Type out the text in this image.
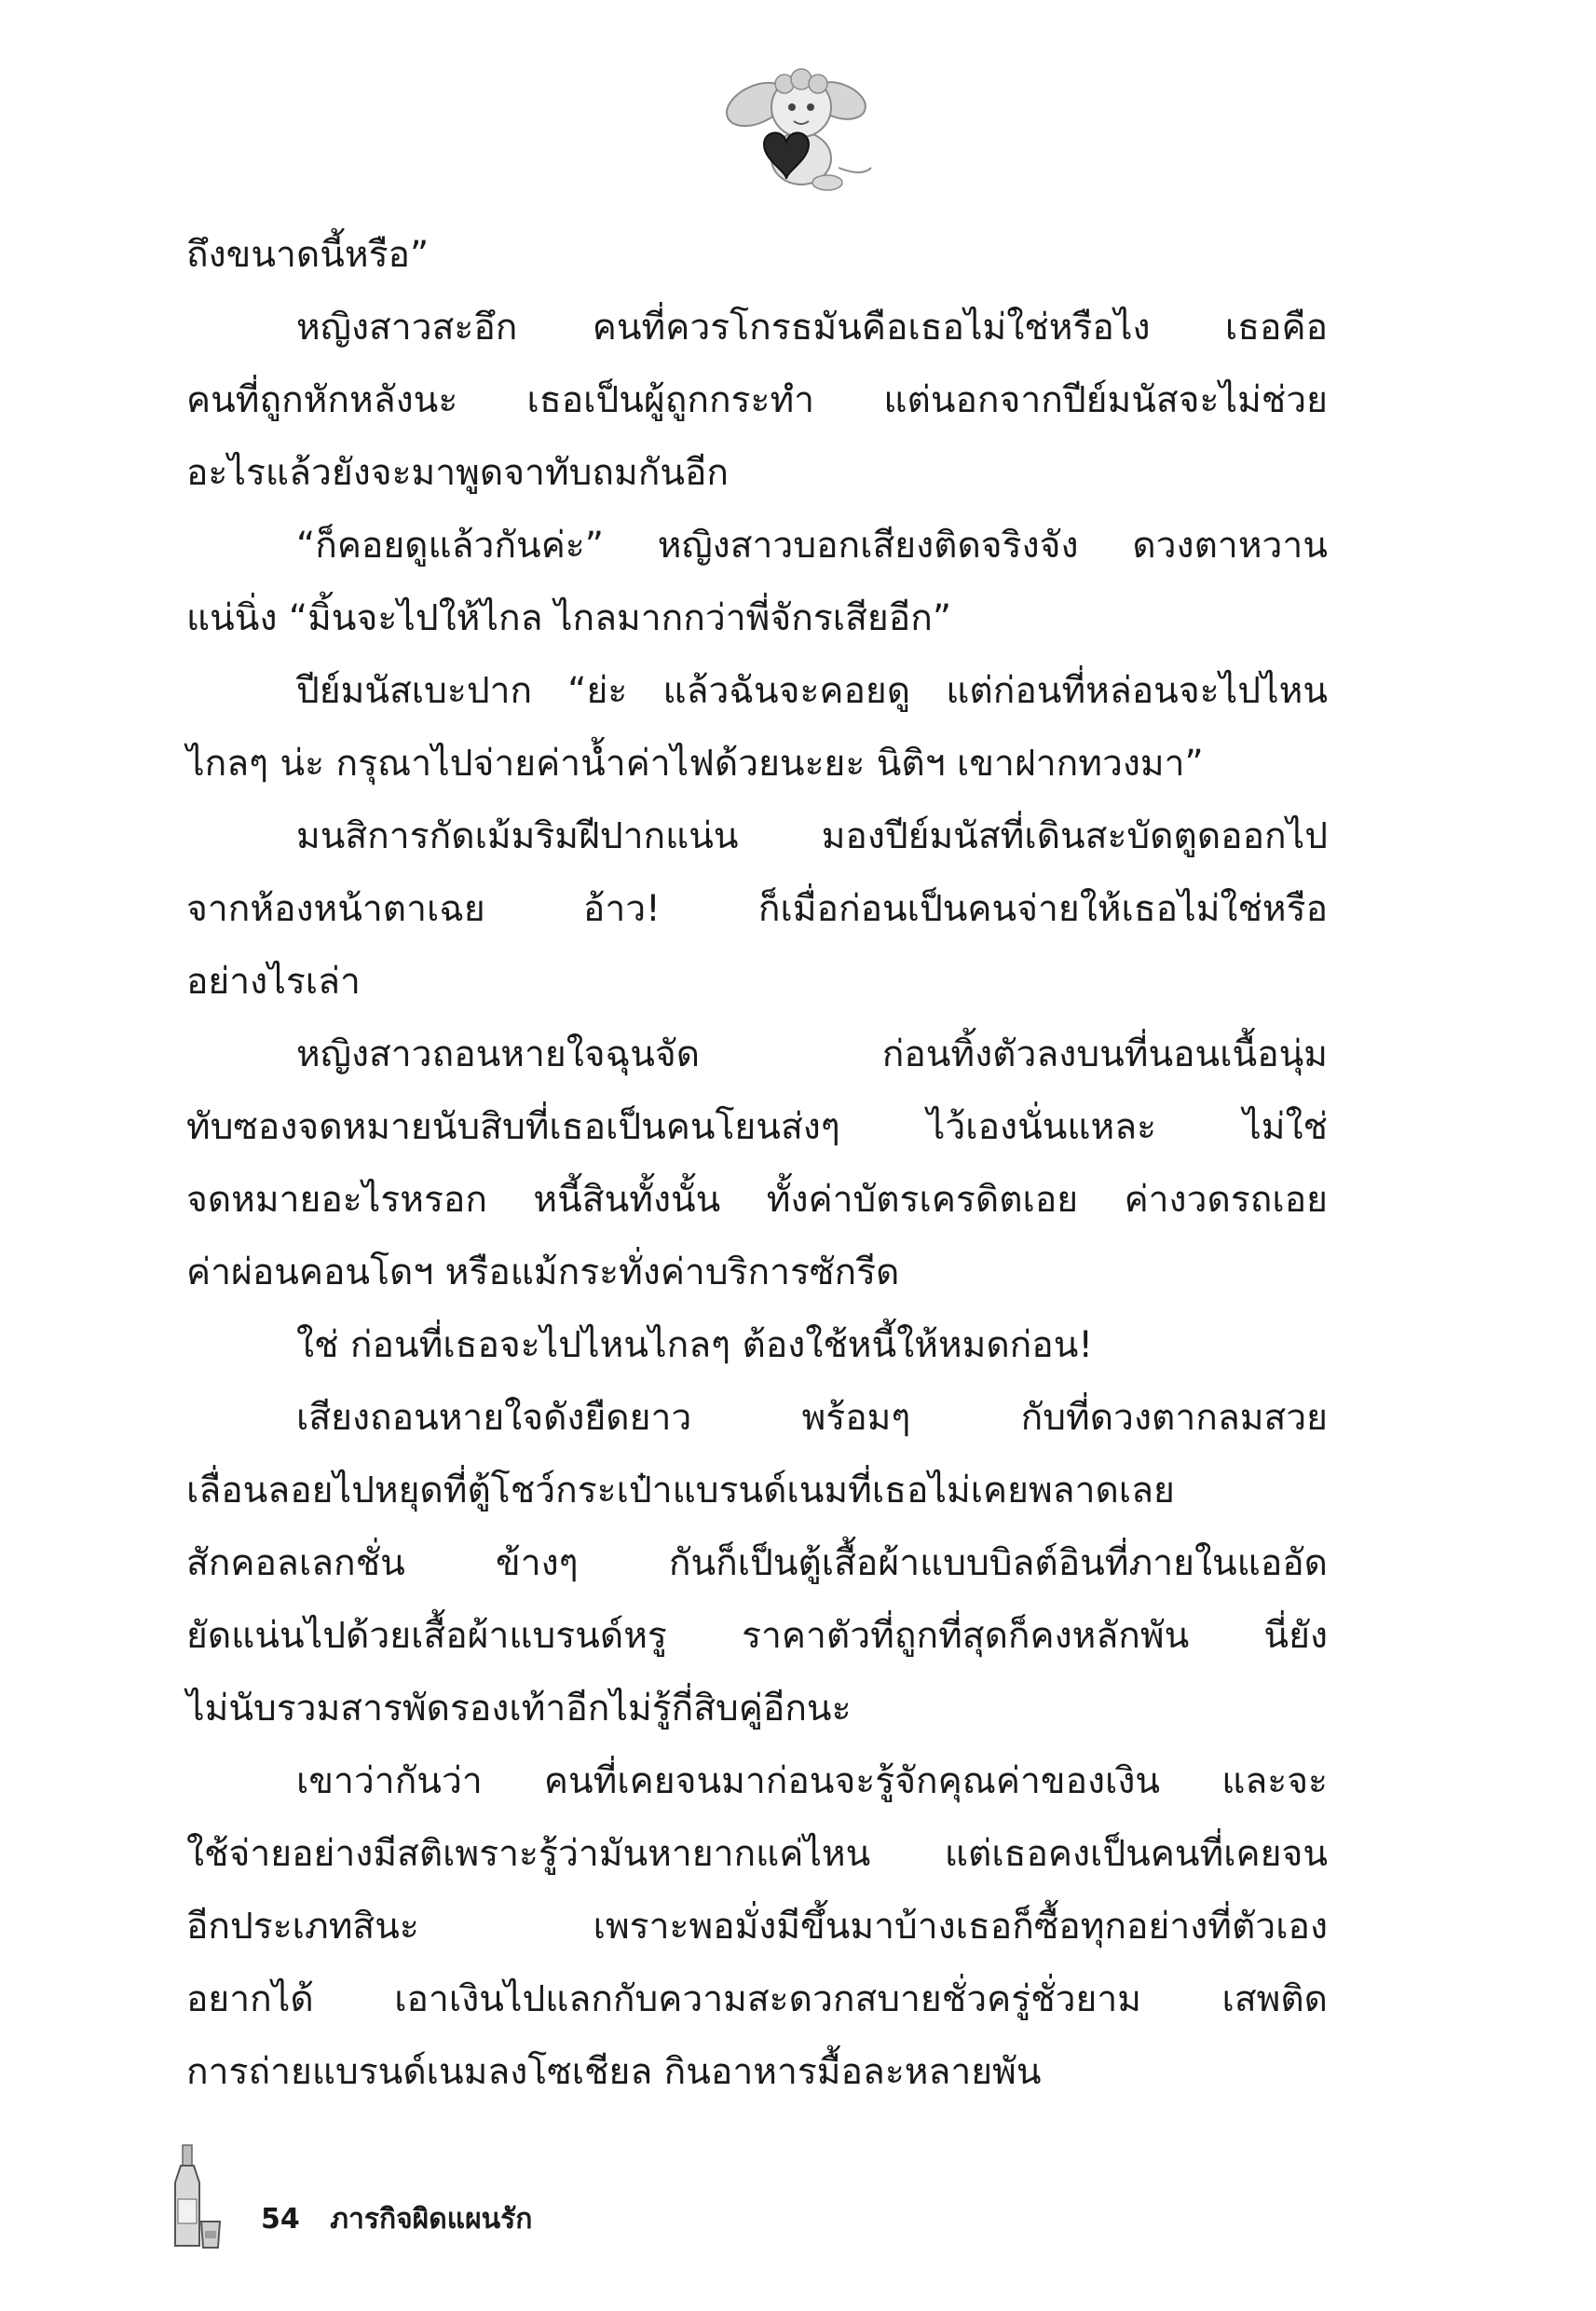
ถึงขนาดนี้หรือ”
หญิงสาวสะอึก คนที่ควรโกรธมันคือเธอไม่ใช่หรือไง เธอคือ
คนที่ถูกหักหลังนะ เธอเป็นผู้ถูกกระทำ แต่นอกจากปีย์มนัสจะไม่ช่วย
อะไรแล้วยังจะมาพูดจาทับถมกันอีก
“ก็คอยดูแล้วกันค่ะ” หญิงสาวบอกเสียงติดจริงจัง ดวงตาหวาน
แน่นิ่ง “มิ้นจะไปให้ไกล ไกลมากกว่าพี่จักรเสียอีก”
ปีย์มนัสเบะปาก “ย่ะ แล้วฉันจะคอยดู แต่ก่อนที่หล่อนจะไปไหน
ไกลๆ น่ะ กรุณาไปจ่ายค่าน้ำค่าไฟด้วยนะยะ นิติฯ เขาฝากทวงมา”
มนสิการกัดเม้มริมฝีปากแน่น มองปีย์มนัสที่เดินสะบัดตูดออกไป
จากห้องหน้าตาเฉย อ้าว! ก็เมื่อก่อนเป็นคนจ่ายให้เธอไม่ใช่หรือ
อย่างไรเล่า
หญิงสาวถอนหายใจฉุนจัด ก่อนทิ้งตัวลงบนที่นอนเนื้อนุ่ม
ทับซองจดหมายนับสิบที่เธอเป็นคนโยนส่งๆ ไว้เองนั่นแหละ ไม่ใช่
จดหมายอะไรหรอก หนี้สินทั้งนั้น ทั้งค่าบัตรเครดิตเอย ค่างวดรถเอย
ค่าผ่อนคอนโดฯ หรือแม้กระทั่งค่าบริการซักรีด
ใช่ ก่อนที่เธอจะไปไหนไกลๆ ต้องใช้หนี้ให้หมดก่อน!
เสียงถอนหายใจดังยืดยาว พร้อมๆ กับที่ดวงตากลมสวย
เลื่อนลอยไปหยุดที่ตู้โชว์กระเป๋าแบรนด์เนมที่เธอไม่เคยพลาดเลย
สักคอลเลกชั่น ข้างๆ กันก็เป็นตู้เสื้อผ้าแบบบิลต์อินที่ภายในแออัด
ยัดแน่นไปด้วยเสื้อผ้าแบรนด์หรู ราคาตัวที่ถูกที่สุดก็คงหลักพัน นี่ยัง
ไม่นับรวมสารพัดรองเท้าอีกไม่รู้กี่สิบคู่อีกนะ
เขาว่ากันว่า คนที่เคยจนมาก่อนจะรู้จักคุณค่าของเงิน และจะ
ใช้จ่ายอย่างมีสติเพราะรู้ว่ามันหายากแค่ไหน แต่เธอคงเป็นคนที่เคยจน
อีกประเภทสินะ เพราะพอมั่งมีขึ้นมาบ้างเธอก็ซื้อทุกอย่างที่ตัวเอง
อยากได้ เอาเงินไปแลกกับความสะดวกสบายชั่วครู่ชั่วยาม เสพติด
การถ่ายแบรนด์เนมลงโซเชียล กินอาหารมื้อละหลายพัน
54 ภารกิจผิดแผนรัก
